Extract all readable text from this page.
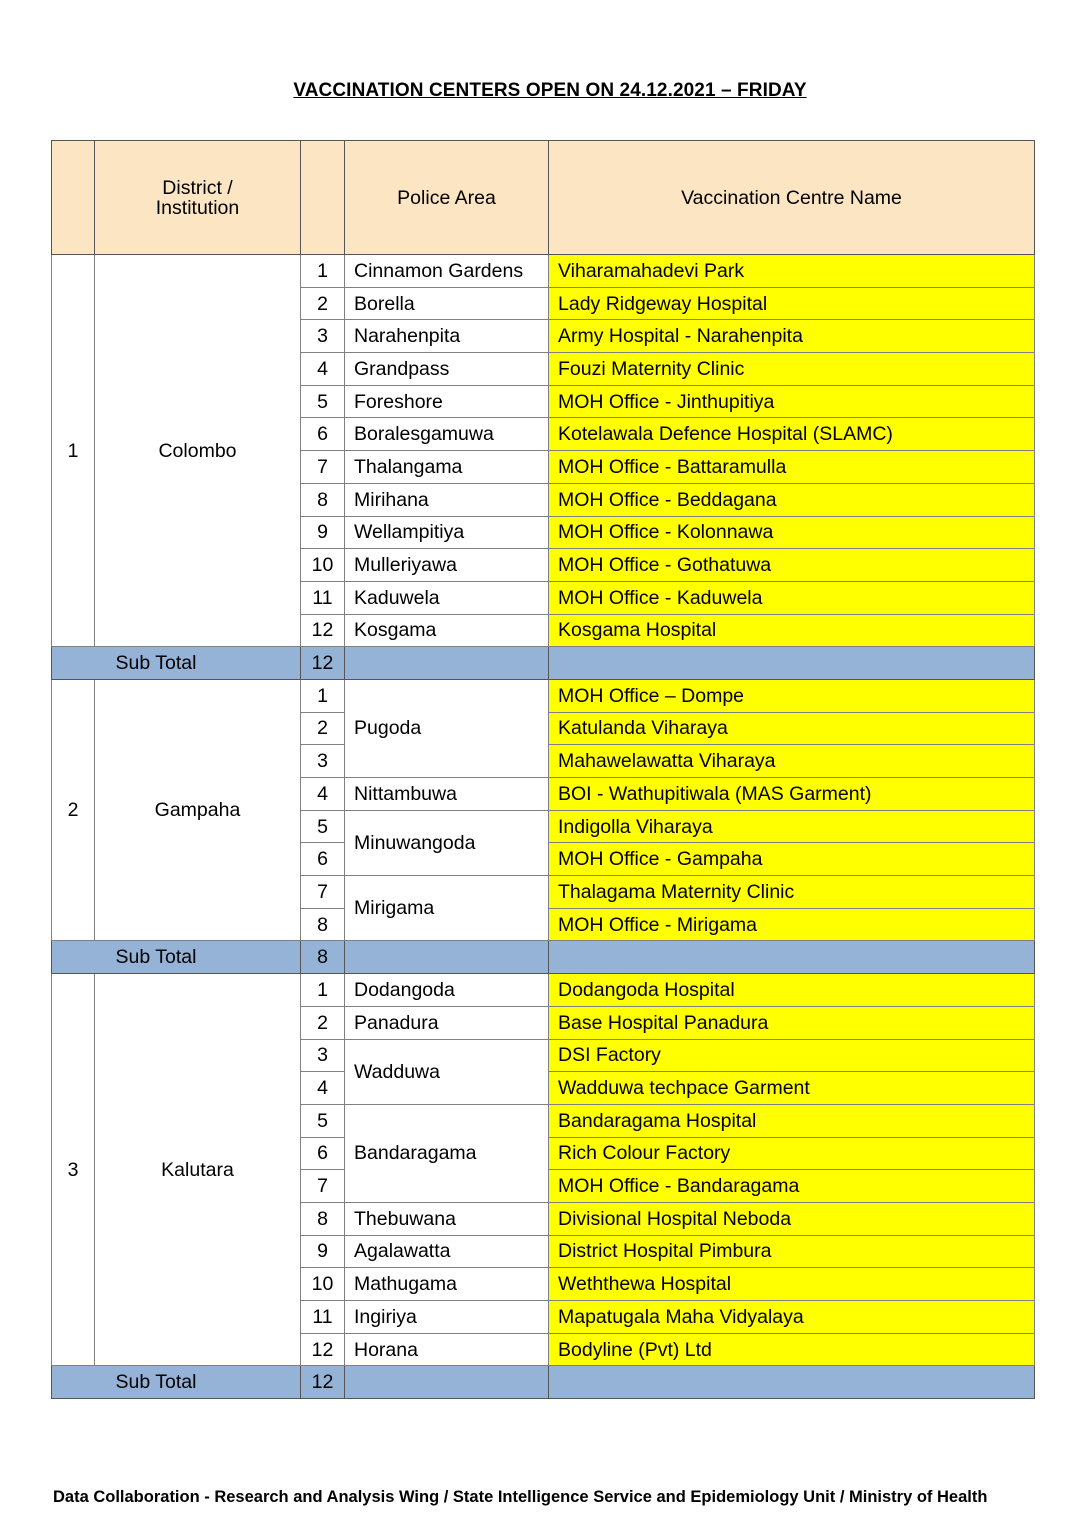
VACCINATION CENTERS OPEN ON 24.12.2021 – FRIDAY
	District / Institution		Police Area	Vaccination Centre Name
1	Colombo	1	Cinnamon Gardens	Viharamahadevi Park
		2	Borella	Lady Ridgeway Hospital
		3	Narahenpita	Army Hospital - Narahenpita
		4	Grandpass	Fouzi Maternity Clinic
		5	Foreshore	MOH Office - Jinthupitiya
		6	Boralesgamuwa	Kotelawala Defence Hospital (SLAMC)
		7	Thalangama	MOH Office - Battaramulla
		8	Mirihana	MOH Office - Beddagana
		9	Wellampitiya	MOH Office - Kolonnawa
		10	Mulleriyawa	MOH Office - Gothatuwa
		11	Kaduwela	MOH Office - Kaduwela
		12	Kosgama	Kosgama Hospital
Sub Total		12		
2	Gampaha	1	Pugoda	MOH Office – Dompe
		2		Katulanda Viharaya
		3		Mahawelawatta Viharaya
		4	Nittambuwa	BOI - Wathupitiwala (MAS Garment)
		5	Minuwangoda	Indigolla Viharaya
		6		MOH Office - Gampaha
		7	Mirigama	Thalagama Maternity Clinic
		8		MOH Office - Mirigama
Sub Total		8		
3	Kalutara	1	Dodangoda	Dodangoda Hospital
		2	Panadura	Base Hospital Panadura
		3	Wadduwa	DSI Factory
		4		Wadduwa techpace Garment
		5	Bandaragama	Bandaragama Hospital
		6		Rich Colour Factory
		7		MOH Office - Bandaragama
		8	Thebuwana	Divisional Hospital Neboda
		9	Agalawatta	District Hospital Pimbura
		10	Mathugama	Weththewa Hospital
		11	Ingiriya	Mapatugala Maha Vidyalaya
		12	Horana	Bodyline (Pvt) Ltd
Sub Total		12		
Data Collaboration - Research and Analysis Wing / State Intelligence Service and Epidemiology Unit / Ministry of Health
